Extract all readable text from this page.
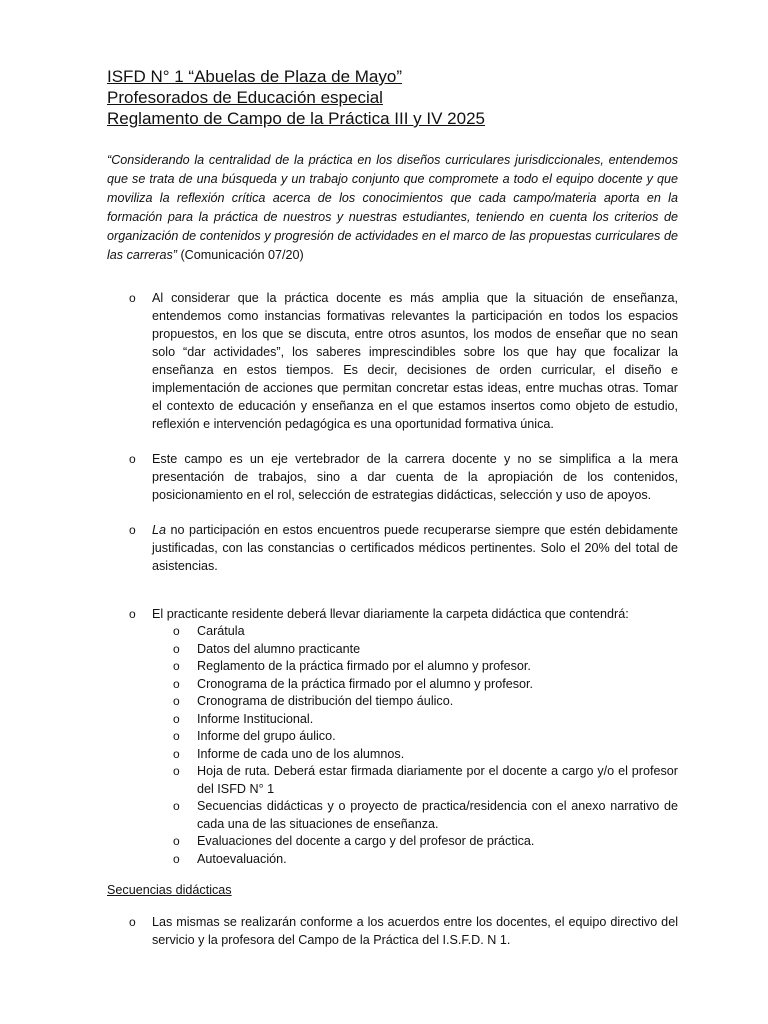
ISFD N° 1 “Abuelas de Plaza de Mayo”

Profesorados de Educación especial

Reglamento de Campo de la Práctica III y IV 2025

“Considerando la centralidad de la práctica en los diseños curriculares jurisdiccionales, entendemos que se trata de una búsqueda y un trabajo conjunto que compromete a todo el equipo docente y que moviliza la reflexión crítica acerca de los conocimientos que cada campo/materia aporta en la formación para la práctica de nuestros y nuestras estudiantes, teniendo en cuenta los criterios de organización de contenidos y progresión de actividades en el marco de las propuestas curriculares de las carreras” (Comunicación 07/20)

o Al considerar que la práctica docente es más amplia que la situación de enseñanza, entendemos como instancias formativas relevantes la participación en todos los espacios propuestos, en los que se discuta, entre otros asuntos, los modos de enseñar que no sean solo “dar actividades”, los saberes imprescindibles sobre los que hay que focalizar la enseñanza en estos tiempos. Es decir, decisiones de orden curricular, el diseño e implementación de acciones que permitan concretar estas ideas, entre muchas otras. Tomar el contexto de educación y enseñanza en el que estamos insertos como objeto de estudio, reflexión e intervención pedagógica es una oportunidad formativa única.
o Este campo es un eje vertebrador de la carrera docente y no se simplifica a la mera presentación de trabajos, sino a dar cuenta de la apropiación de los contenidos, posicionamiento en el rol, selección de estrategias didácticas, selección y uso de apoyos.
o La no participación en estos encuentros puede recuperarse siempre que estén debidamente justificadas, con las constancias o certificados médicos pertinentes. Solo el 20% del total de asistencias.
o El practicante residente deberá llevar diariamente la carpeta didáctica que contendrá:
o Carátula
o Datos del alumno practicante
o Reglamento de la práctica firmado por el alumno y profesor.
o Cronograma de la práctica firmado por el alumno y profesor.
o Cronograma de distribución del tiempo áulico.
o Informe Institucional.
o Informe del grupo áulico.
o Informe de cada uno de los alumnos.
o Hoja de ruta. Deberá estar firmada diariamente por el docente a cargo y/o el profesor del ISFD N° 1
o Secuencias didácticas y o proyecto de practica/residencia con el anexo narrativo de cada una de las situaciones de enseñanza.
o Evaluaciones del docente a cargo y del profesor de práctica.
o Autoevaluación.

Secuencias didácticas

o Las mismas se realizarán conforme a los acuerdos entre los docentes, el equipo directivo del servicio y la profesora del Campo de la Práctica del I.S.F.D. N 1.
